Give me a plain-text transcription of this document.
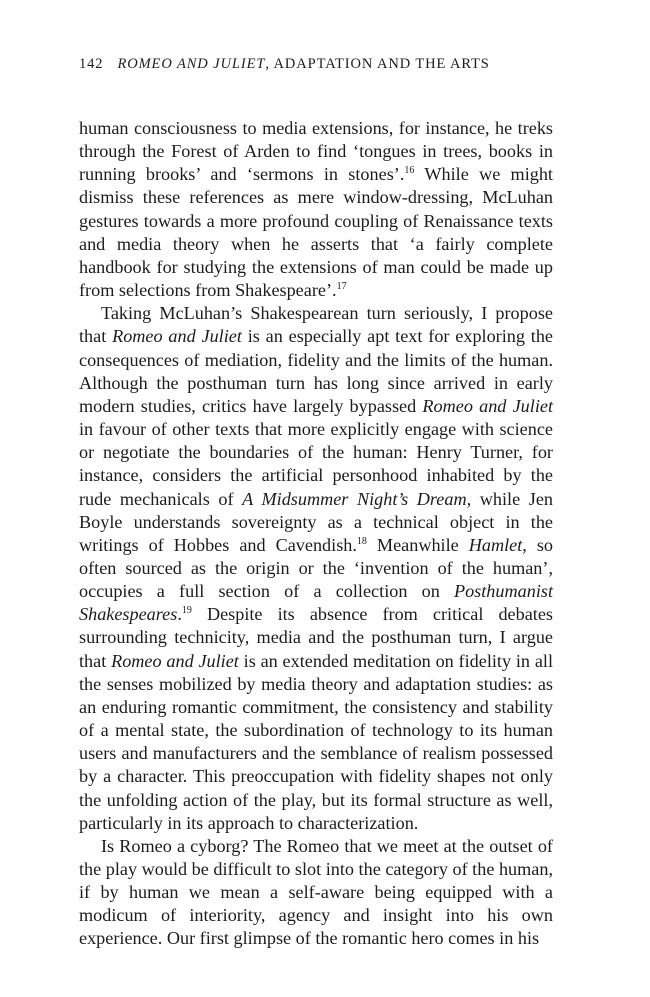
142 ROMEO AND JULIET, ADAPTATION AND THE ARTS

human consciousness to media extensions, for instance, he treks through the Forest of Arden to find ‘tongues in trees, books in running brooks’ and ‘sermons in stones’.$^{16}$ While we might dismiss these references as mere window-dressing, McLuhan gestures towards a more profound coupling of Renaissance texts and media theory when he asserts that ‘a fairly complete handbook for studying the extensions of man could be made up from selections from Shakespeare’.$^{17}$

Taking McLuhan’s Shakespearean turn seriously, I propose that Romeo and Juliet is an especially apt text for exploring the consequences of mediation, fidelity and the limits of the human. Although the posthuman turn has long since arrived in early modern studies, critics have largely bypassed Romeo and Juliet in favour of other texts that more explicitly engage with science or negotiate the boundaries of the human: Henry Turner, for instance, considers the artificial personhood inhabited by the rude mechanicals of A Midsummer Night’s Dream, while Jen Boyle understands sovereignty as a technical object in the writings of Hobbes and Cavendish.$^{18}$ Meanwhile Hamlet, so often sourced as the origin or the ‘invention of the human’, occupies a full section of a collection on Posthumanist Shakespeares.$^{19}$ Despite its absence from critical debates surrounding technicity, media and the posthuman turn, I argue that Romeo and Juliet is an extended meditation on fidelity in all the senses mobilized by media theory and adaptation studies: as an enduring romantic commitment, the consistency and stability of a mental state, the subordination of technology to its human users and manufacturers and the semblance of realism possessed by a character. This preoccupation with fidelity shapes not only the unfolding action of the play, but its formal structure as well, particularly in its approach to characterization.

Is Romeo a cyborg? The Romeo that we meet at the outset of the play would be difficult to slot into the category of the human, if by human we mean a self-aware being equipped with a modicum of interiority, agency and insight into his own experience. Our first glimpse of the romantic hero comes in his
